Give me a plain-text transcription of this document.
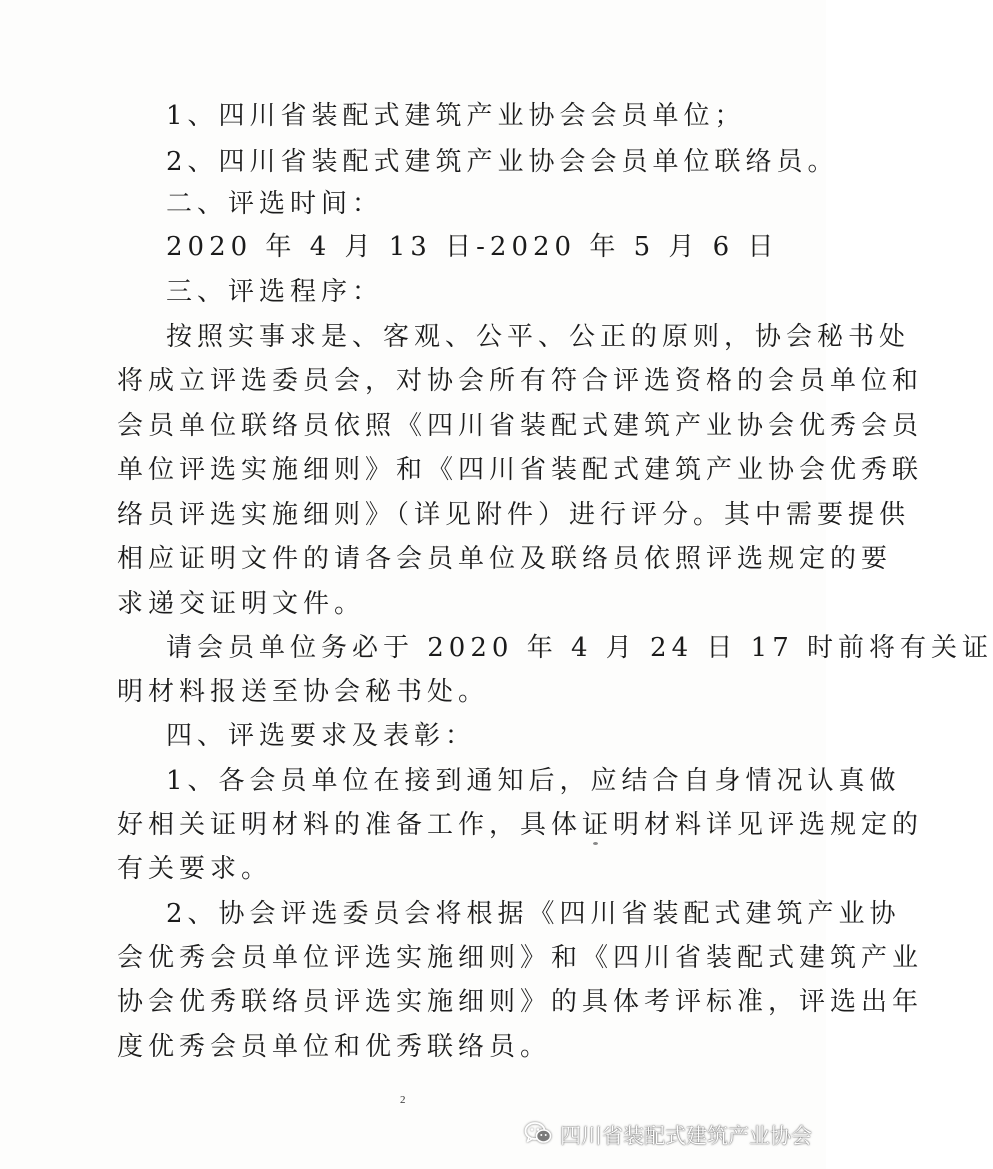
1、四川省装配式建筑产业协会会员单位；
2、四川省装配式建筑产业协会会员单位联络员。
二、评选时间：
2020 年 4 月 13 日-2020 年 5 月 6 日
三、评选程序：
按照实事求是、客观、公平、公正的原则，协会秘书处
将成立评选委员会，对协会所有符合评选资格的会员单位和
会员单位联络员依照《四川省装配式建筑产业协会优秀会员
单位评选实施细则》和《四川省装配式建筑产业协会优秀联
络员评选实施细则》（详见附件）进行评分。其中需要提供
相应证明文件的请各会员单位及联络员依照评选规定的要
求递交证明文件。
请会员单位务必于 2020 年 4 月 24 日 17 时前将有关证
明材料报送至协会秘书处。
四、评选要求及表彰：
1、各会员单位在接到通知后，应结合自身情况认真做
好相关证明材料的准备工作，具体证明材料详见评选规定的
有关要求。
2、协会评选委员会将根据《四川省装配式建筑产业协
会优秀会员单位评选实施细则》和《四川省装配式建筑产业
协会优秀联络员评选实施细则》的具体考评标准，评选出年
度优秀会员单位和优秀联络员。
2
四川省装配式建筑产业协会
